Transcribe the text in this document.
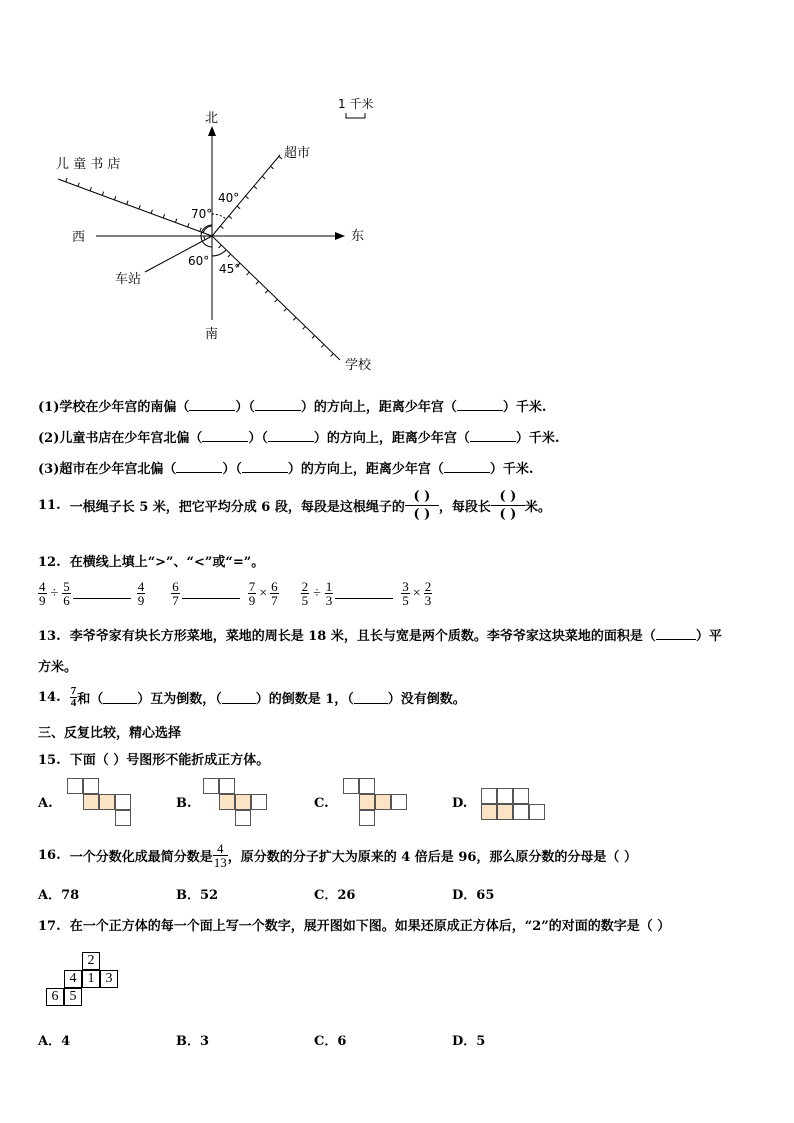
北
南
东
西
儿 童 书 店
超市
车站
学校
1 千米
40°
70°
60°
45°
(1)学校在少年宫的南偏（	）（	）的方向上，距离少年宫（	）千米.
(2)儿童书店在少年宫北偏（	）（	）的方向上，距离少年宫（	）千米.
(3)超市在少年宫北偏（	）（	）的方向上，距离少年宫（	）千米.
11.
一根绳子长 5 米，把它平均分成 6 段，每段是这根绳子的
( )
( ) ，每段长
( )
( ) 米。
12. 在横线上填上“>”、“<”或“=”。
$\frac{4}{9} \div \frac{5}{6}$	$\frac{4}{9} \frac{6}{7}$	$\frac{7}{9} \times \frac{6}{7} \frac{2}{5} \div \frac{1}{3}$	$\frac{3}{5} \times \frac{2}{3}$
13. 李爷爷家有块长方形菜地，菜地的周长是 18 米，且长与宽是两个质数。李爷爷家这块菜地的面积是（	）平
方米。
14.
$\frac{7}{4}$ 和（	）互为倒数，（	）的倒数是 1，（	）没有倒数。
三、反复比较，精心选择
15. 下面（ ）号图形不能折成正方体。
A.	B.	C.	D.
16.
一个分数化成最简分数是 $\frac{4}{13}$ ，原分数的分子扩大为原来的 4 倍后是 96，那么原分数的分母是（ ）
A．78	B．52	C．26	D．65
17. 在一个正方体的每一个面上写一个数字，展开图如下图。如果还原成正方体后，“2”的对面的数字是（ ）
2
4 1 3
6 5
A．4	B．3	C．6	D．5
